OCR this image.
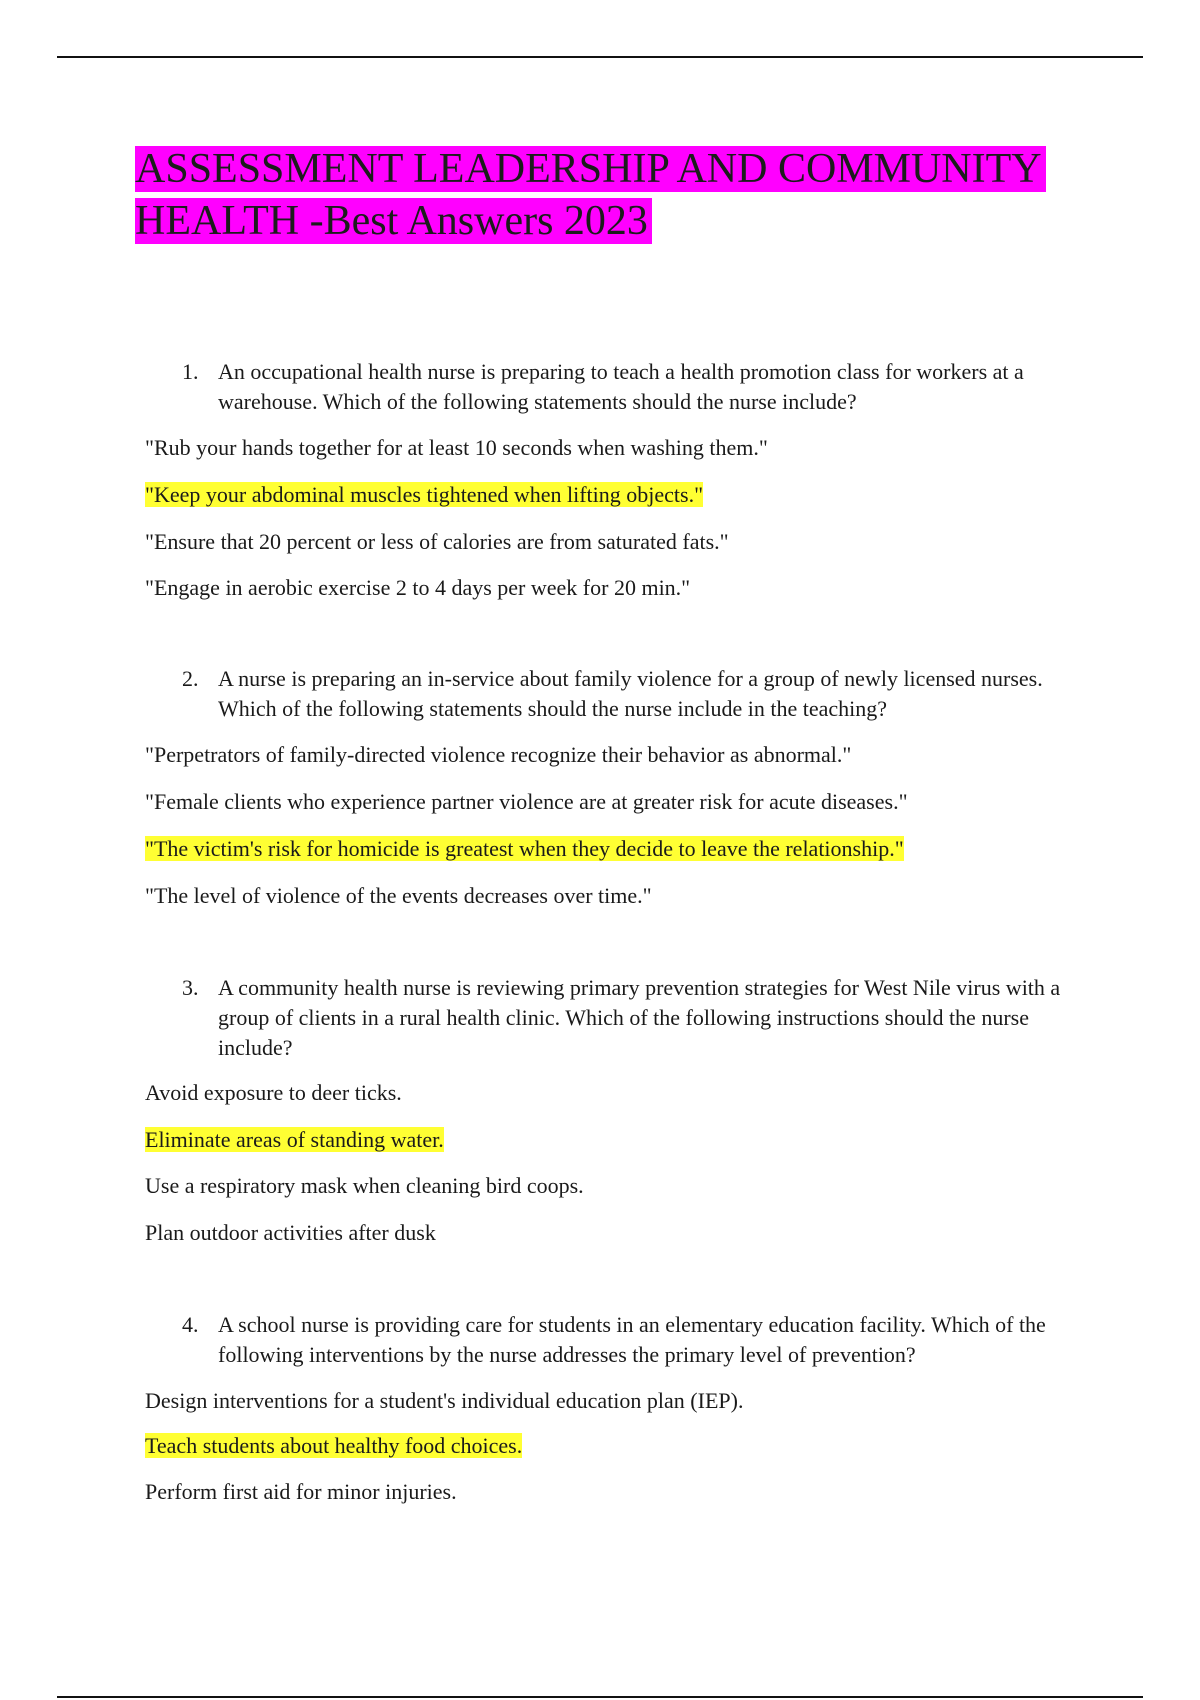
ASSESSMENT LEADERSHIP AND COMMUNITY
HEALTH -Best Answers 2023
1. An occupational health nurse is preparing to teach a health promotion class for workers at a warehouse. Which of the following statements should the nurse include?
"Rub your hands together for at least 10 seconds when washing them."
"Keep your abdominal muscles tightened when lifting objects."
"Ensure that 20 percent or less of calories are from saturated fats."
"Engage in aerobic exercise 2 to 4 days per week for 20 min."
2. A nurse is preparing an in-service about family violence for a group of newly licensed nurses. Which of the following statements should the nurse include in the teaching?
"Perpetrators of family-directed violence recognize their behavior as abnormal."
"Female clients who experience partner violence are at greater risk for acute diseases."
"The victim's risk for homicide is greatest when they decide to leave the relationship."
"The level of violence of the events decreases over time."
3. A community health nurse is reviewing primary prevention strategies for West Nile virus with a group of clients in a rural health clinic. Which of the following instructions should the nurse include?
Avoid exposure to deer ticks.
Eliminate areas of standing water.
Use a respiratory mask when cleaning bird coops.
Plan outdoor activities after dusk
4. A school nurse is providing care for students in an elementary education facility. Which of the following interventions by the nurse addresses the primary level of prevention?
Design interventions for a student's individual education plan (IEP).
Teach students about healthy food choices.
Perform first aid for minor injuries.
